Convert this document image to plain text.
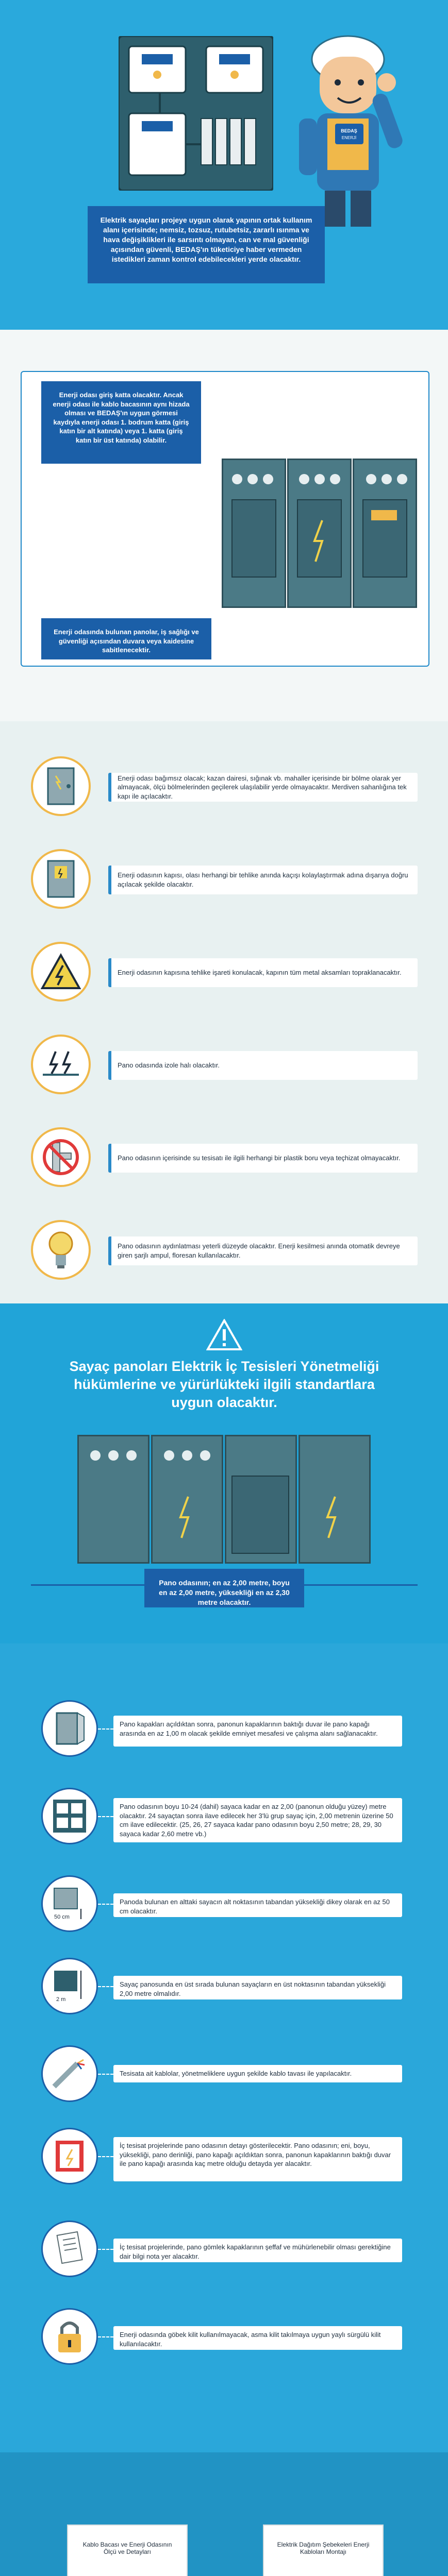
BEDAŞ
ENERJİ
Elektrik sayaçları projeye uygun olarak yapının ortak kullanım alanı içerisinde; nemsiz, tozsuz, rutubetsiz, zararlı ısınma ve hava değişiklikleri ile sarsıntı olmayan, can ve mal güvenliği açısından güvenli, BEDAŞ'ın tüketiciye haber vermeden istedikleri zaman kontrol edebilecekleri yerde olacaktır.
Enerji odası giriş katta olacaktır. Ancak enerji odası ile kablo bacasının aynı hizada olması ve BEDAŞ'ın uygun görmesi kaydıyla enerji odası 1. bodrum katta (giriş katın bir alt katında) veya 1. katta (giriş katın bir üst katında) olabilir.
Enerji odasında bulunan panolar, iş sağlığı ve güvenliği açısından duvara veya kaidesine sabitlenecektir.
Enerji odası bağımsız olacak; kazan dairesi, sığınak vb. mahaller içerisinde bir bölme olarak yer almayacak, ölçü bölmelerinden geçilerek ulaşılabilir yerde olmayacaktır. Merdiven sahanlığına tek kapı ile açılacaktır.
Enerji odasının kapısı, olası herhangi bir tehlike anında kaçışı kolaylaştırmak adına dışarıya doğru açılacak şekilde olacaktır.
Enerji odasının kapısına tehlike işareti konulacak, kapının tüm metal aksamları topraklanacaktır.
Pano odasında izole halı olacaktır.
Pano odasının içerisinde su tesisatı ile ilgili herhangi bir plastik boru veya teçhizat olmayacaktır.
Pano odasının aydınlatması yeterli düzeyde olacaktır. Enerji kesilmesi anında otomatik devreye giren şarjlı ampul, floresan kullanılacaktır.
Sayaç panoları Elektrik İç Tesisleri Yönetmeliği hükümlerine ve yürürlükteki ilgili standartlara uygun olacaktır.
Pano odasının; en az 2,00 metre, boyu en az 2,00 metre, yüksekliği en az 2,30 metre olacaktır.
Pano kapakları açıldıktan sonra, panonun kapaklarının baktığı duvar ile pano kapağı arasında en az 1,00 m olacak şekilde emniyet mesafesi ve çalışma alanı sağlanacaktır.
Pano odasının boyu 10-24 (dahil) sayaca kadar en az 2,00 (panonun olduğu yüzey) metre olacaktır. 24 sayaçtan sonra ilave edilecek her 3'lü grup sayaç için, 2,00 metrenin üzerine 50 cm ilave edilecektir. (25, 26, 27 sayaca kadar pano odasının boyu 2,50 metre; 28, 29, 30 sayaca kadar 2,60 metre vb.)
50 cm
Panoda bulunan en alttaki sayacın alt noktasının tabandan yüksekliği dikey olarak en az 50 cm olacaktır.
2 m
Sayaç panosunda en üst sırada bulunan sayaçların en üst noktasının tabandan yüksekliği 2,00 metre olmalıdır.
Tesisata ait kablolar, yönetmeliklere uygun şekilde kablo tavası ile yapılacaktır.
İç tesisat projelerinde pano odasının detayı gösterilecektir. Pano odasının; eni, boyu, yüksekliği, pano derinliği, pano kapağı açıldıktan sonra, panonun kapaklarının baktığı duvar ile pano kapağı arasında kaç metre olduğu detayda yer alacaktır.
İç tesisat projelerinde, pano gömlek kapaklarının şeffaf ve mühürlenebilir olması gerektiğine dair bilgi nota yer alacaktır.
Enerji odasında göbek kilit kullanılmayacak, asma kilit takılmaya uygun yaylı sürgülü kilit kullanılacaktır.
Kablo Bacası ve Enerji Odasının Ölçü ve Detayları
Elektrik Dağıtım Şebekeleri Enerji Kabloları Montajı
